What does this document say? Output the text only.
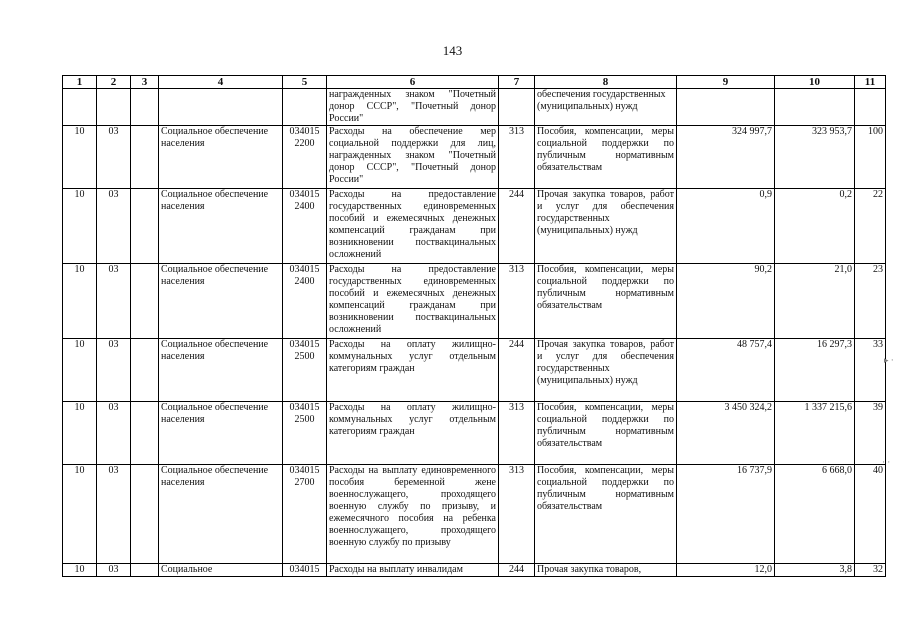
143
1	2	3	4	5	6	7	8	9	10	11
					награжденных знаком "Почетный донор СССР", "Почетный донор России"		обеспечения государственных (муниципальных) нужд			
10	03		Социальное обеспечение населения	034015 2200	Расходы на обеспечение мер социальной поддержки для лиц, награжденных знаком "Почетный донор СССР", "Почетный донор России"	313	Пособия, компенсации, меры социальной поддержки по публичным нормативным обязательствам	324 997,7	323 953,7	100
10	03		Социальное обеспечение населения	034015 2400	Расходы на предоставление государственных единовременных пособий и ежемесячных денежных компенсаций гражданам при возникновении поствакцинальных осложнений	244	Прочая закупка товаров, работ и услуг для обеспечения государственных (муниципальных) нужд	0,9	0,2	22
10	03		Социальное обеспечение населения	034015 2400	Расходы на предоставление государственных единовременных пособий и ежемесячных денежных компенсаций гражданам при возникновении поствакцинальных осложнений	313	Пособия, компенсации, меры социальной поддержки по публичным нормативным обязательствам	90,2	21,0	23
10	03		Социальное обеспечение населения	034015 2500	Расходы на оплату жилищно-коммунальных услуг отдельным категориям граждан	244	Прочая закупка товаров, работ и услуг для обеспечения государственных (муниципальных) нужд	48 757,4	16 297,3	33
10	03		Социальное обеспечение населения	034015 2500	Расходы на оплату жилищно-коммунальных услуг отдельным категориям граждан	313	Пособия, компенсации, меры социальной поддержки по публичным нормативным обязательствам	3 450 324,2	1 337 215,6	39
10	03		Социальное обеспечение населения	034015 2700	Расходы на выплату единовременного пособия беременной жене военнослужащего, проходящего военную службу по призыву, и ежемесячного пособия на ребенка военнослужащего, проходящего военную службу по призыву	313	Пособия, компенсации, меры социальной поддержки по публичным нормативным обязательствам	16 737,9	6 668,0	40
10	03		Социальное	034015	Расходы на выплату инвалидам	244	Прочая закупка товаров,	12,0	3,8	32
▸ ·
· ·
